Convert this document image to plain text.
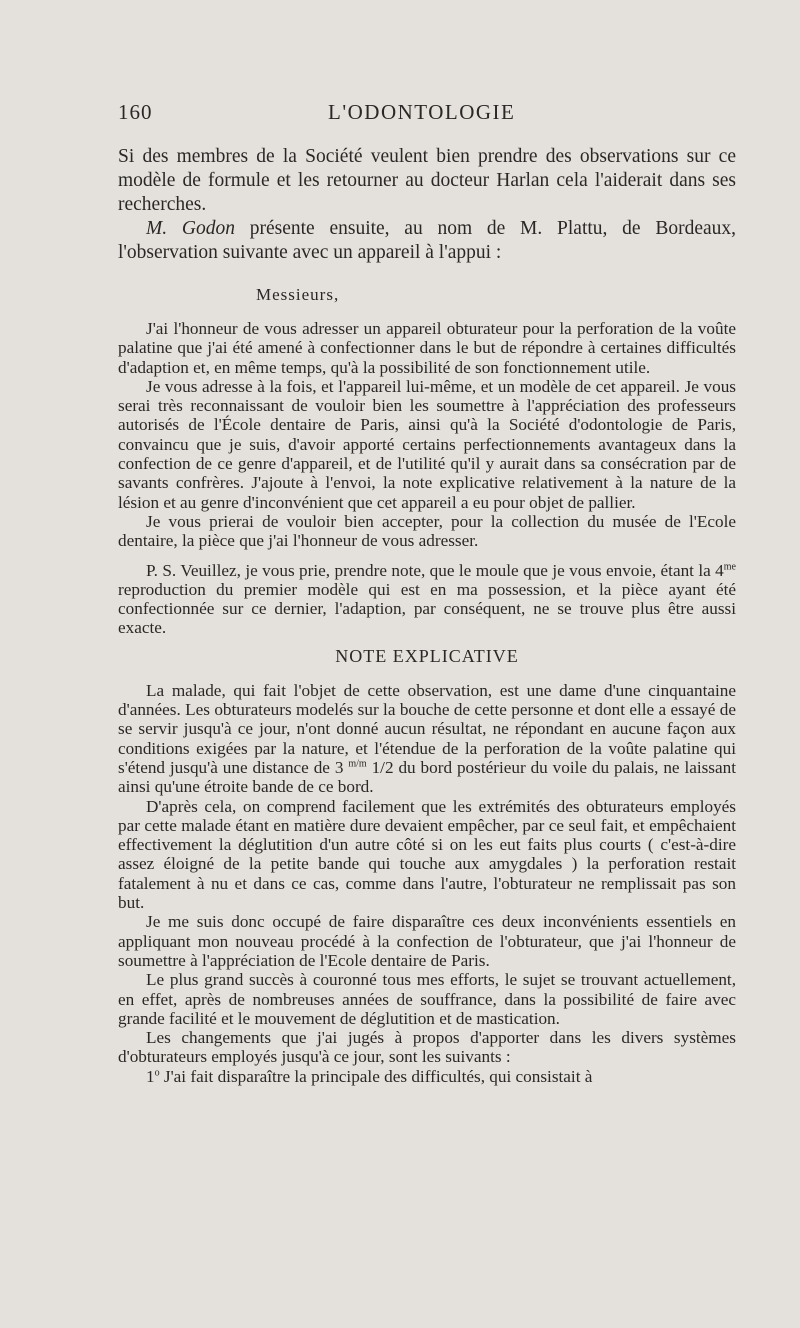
160	L'ODONTOLOGIE

Si des membres de la Société veulent bien prendre des observations sur ce modèle de formule et les retourner au docteur Harlan cela l'aiderait dans ses recherches.

M. Godon présente ensuite, au nom de M. Plattu, de Bordeaux, l'observation suivante avec un appareil à l'appui :

Messieurs,

J'ai l'honneur de vous adresser un appareil obturateur pour la perforation de la voûte palatine que j'ai été amené à confectionner dans le but de répondre à certaines difficultés d'adaption et, en même temps, qu'à la possibilité de son fonctionnement utile.

Je vous adresse à la fois, et l'appareil lui-même, et un modèle de cet appareil. Je vous serai très reconnaissant de vouloir bien les soumettre à l'appréciation des professeurs autorisés de l'École dentaire de Paris, ainsi qu'à la Société d'odontologie de Paris, convaincu que je suis, d'avoir apporté certains perfectionnements avantageux dans la confection de ce genre d'appareil, et de l'utilité qu'il y aurait dans sa consécration par de savants confrères. J'ajoute à l'envoi, la note explicative relativement à la nature de la lésion et au genre d'inconvénient que cet appareil a eu pour objet de pallier.

Je vous prierai de vouloir bien accepter, pour la collection du musée de l'Ecole dentaire, la pièce que j'ai l'honneur de vous adresser.

P. S. Veuillez, je vous prie, prendre note, que le moule que je vous envoie, étant la $4^{me}$ reproduction du premier modèle qui est en ma possession, et la pièce ayant été confectionnée sur ce dernier, l'adaption, par conséquent, ne se trouve plus être aussi exacte.

NOTE EXPLICATIVE

La malade, qui fait l'objet de cette observation, est une dame d'une cinquantaine d'années. Les obturateurs modelés sur la bouche de cette personne et dont elle a essayé de se servir jusqu'à ce jour, n'ont donné aucun résultat, ne répondant en aucune façon aux conditions exigées par la nature, et l'étendue de la perforation de la voûte palatine qui s'étend jusqu'à une distance de 3 $^{m/m}$ 1/2 du bord postérieur du voile du palais, ne laissant ainsi qu'une étroite bande de ce bord.

D'après cela, on comprend facilement que les extrémités des obturateurs employés par cette malade étant en matière dure devaient empêcher, par ce seul fait, et empêchaient effectivement la déglutition d'un autre côté si on les eut faits plus courts ( c'est-à-dire assez éloigné de la petite bande qui touche aux amygdales ) la perforation restait fatalement à nu et dans ce cas, comme dans l'autre, l'obturateur ne remplissait pas son but.

Je me suis donc occupé de faire disparaître ces deux inconvénients essentiels en appliquant mon nouveau procédé à la confection de l'obturateur, que j'ai l'honneur de soumettre à l'appréciation de l'Ecole dentaire de Paris.

Le plus grand succès à couronné tous mes efforts, le sujet se trouvant actuellement, en effet, après de nombreuses années de souffrance, dans la possibilité de faire avec grande facilité et le mouvement de déglutition et de mastication.

Les changements que j'ai jugés à propos d'apporter dans les divers systèmes d'obturateurs employés jusqu'à ce jour, sont les suivants :

1$^o$ J'ai fait disparaître la principale des difficultés, qui consistait à
